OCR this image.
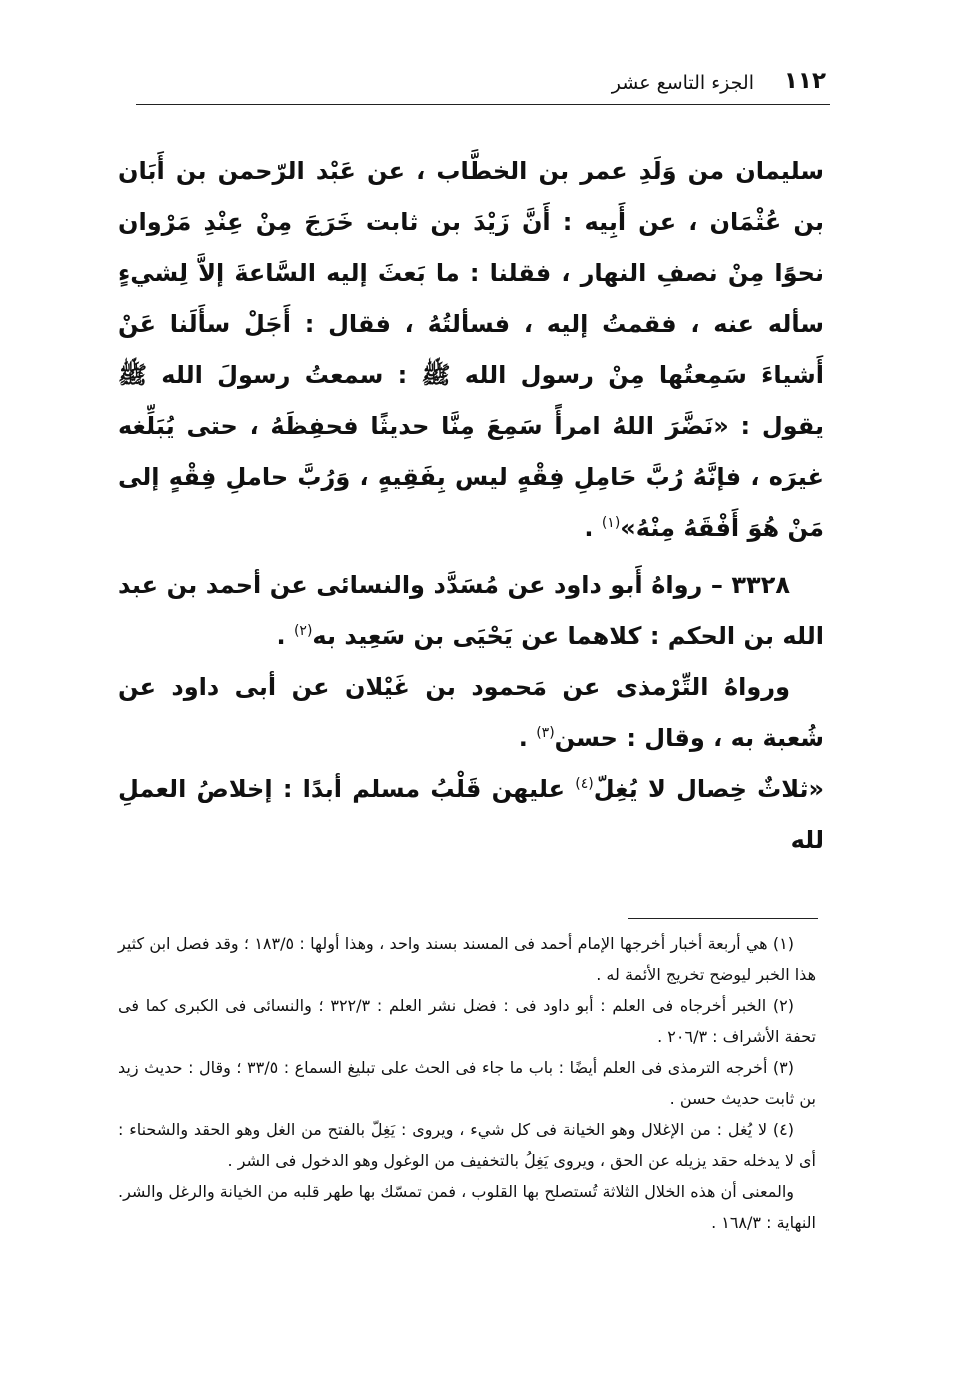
١١٢
الجزء التاسع عشر

سليمان من وَلَدِ عمر بن الخطَّاب ، عن عَبْد الرّحمن بن أَبَان بن عُثْمَان ، عن أَبِيه : أَنَّ زَيْدَ بن ثابت خَرَجَ مِنْ عِنْدِ مَرْوان نحوًا مِنْ نصفِ النهار ، فقلنا : ما بَعثَ إليه السَّاعةَ إلاَّ لِشيءٍ سأله عنه ، فقمتُ إليه ، فسألتُهُ ، فقال : أَجَلْ سأَلَنا عَنْ أَشياءَ سَمِعتُها مِنْ رسول الله ﷺ : سمعتُ رسولَ الله ﷺ يقول : «نَضَّرَ اللهُ امرأً سَمِعَ مِنَّا حديثًا فحفِظَهُ ، حتى يُبَلِّغه غيرَه ، فإنَّهُ رُبَّ حَامِلِ فِقْهٍ ليس بِفَقِيهٍ ، وَرُبَّ حاملِ فِقْهٍ إلى مَنْ هُوَ أَفْقَهُ مِنْهُ»$^{(١)}$ .

٣٣٢٨ – رواهُ أَبو داود عن مُسَدَّد والنسائى عن أحمد بن عبد الله بن الحكم : كلاهما عن يَحْيَى بن سَعِيد به$^{(٢)}$ .

ورواهُ التِّرْمذى عن مَحمود بن غَيْلان عن أبى داود عن شُعبة به ، وقال : حسن$^{(٣)}$ .

«ثلاثٌ خِصال لا يُغِلّ$^{(٤)}$ عليهن قَلْبُ مسلم أبدًا : إخلاصُ العملِ لله

(١) هي أربعة أخبار أخرجها الإمام أحمد فى المسند بسند واحد ، وهذا أولها : ١٨٣/٥ ؛ وقد فصل ابن كثير هذا الخبر ليوضح تخريج الأئمة له .

(٢) الخبر أخرجاه فى العلم : أبو داود فى : فضل نشر العلم : ٣٢٢/٣ ؛ والنسائى فى الكبرى كما فى تحفة الأشراف : ٢٠٦/٣ .

(٣) أخرجه الترمذى فى العلم أيضًا : باب ما جاء فى الحث على تبليغ السماع : ٣٣/٥ ؛ وقال : حديث زيد بن ثابت حديث حسن .

(٤) لا يُغل : من الإغلال وهو الخيانة فى كل شيء ، ويروى : يَغِلّ بالفتح من الغل وهو الحقد والشحناء : أى لا يدخله حقد يزيله عن الحق ، ويروى يَغِلُ بالتخفيف من الوغول وهو الدخول فى الشر .

والمعنى أن هذه الخلال الثلاثة تُستصلح بها القلوب ، فمن تمسّك بها طهر قلبه من الخيانة والرغل والشر. النهاية : ١٦٨/٣ .
